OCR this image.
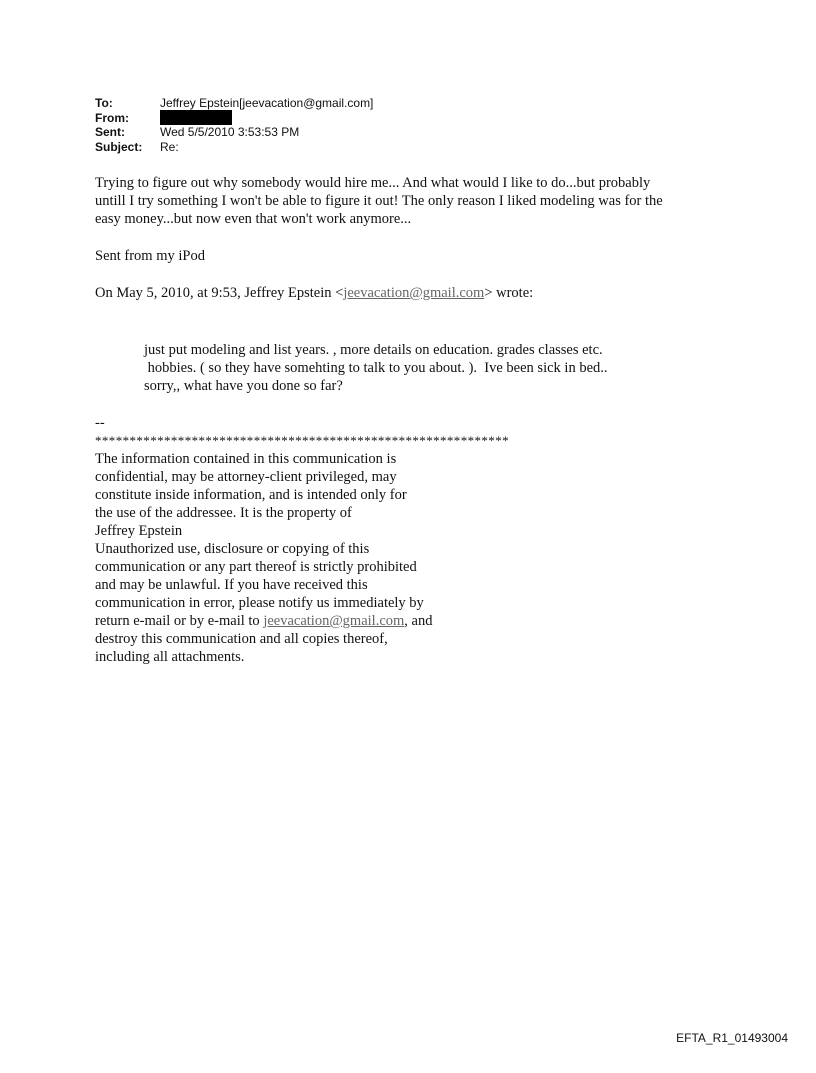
To:	Jeffrey Epstein[jeevacation@gmail.com]
From:
Sent:	Wed 5/5/2010 3:53:53 PM
Subject:	Re:
Trying to figure out why somebody would hire me... And what would I like to do...but probably
untill I try something I won't be able to figure it out! The only reason I liked modeling was for the
easy money...but now even that won't work anymore...
Sent from my iPod
On May 5, 2010, at 9:53, Jeffrey Epstein <jeevacation@gmail.com> wrote:
just put modeling and list years. , more details on education. grades classes etc.
hobbies. ( so they have somehting to talk to you about. ).  Ive been sick in bed..
sorry,, what have you done so far?
--
************************************************************
The information contained in this communication is
confidential, may be attorney-client privileged, may
constitute inside information, and is intended only for
the use of the addressee. It is the property of
Jeffrey Epstein
Unauthorized use, disclosure or copying of this
communication or any part thereof is strictly prohibited
and may be unlawful. If you have received this
communication in error, please notify us immediately by
return e-mail or by e-mail to jeevacation@gmail.com, and
destroy this communication and all copies thereof,
including all attachments.
EFTA_R1_01493004
